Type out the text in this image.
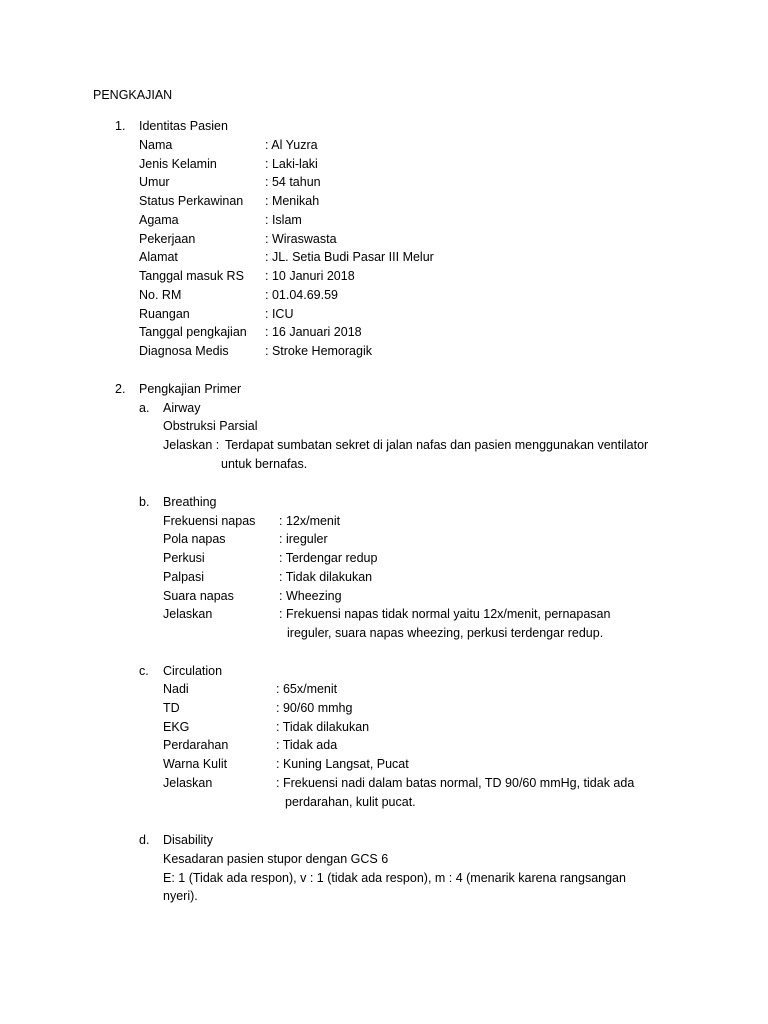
PENGKAJIAN
1. Identitas Pasien
Nama	: Al Yuzra
Jenis Kelamin	: Laki-laki
Umur	: 54 tahun
Status Perkawinan : Menikah
Agama	: Islam
Pekerjaan	: Wiraswasta
Alamat	: JL. Setia Budi Pasar III Melur
Tanggal masuk RS : 10 Januri 2018
No. RM	: 01.04.69.59
Ruangan	: ICU
Tanggal pengkajian : 16 Januari 2018
Diagnosa Medis	: Stroke Hemoragik
2. Pengkajian Primer
a. Airway
Obstruksi Parsial
Jelaskan : Terdapat sumbatan sekret di jalan nafas dan pasien menggunakan ventilator
untuk bernafas.
b. Breathing
Frekuensi napas : 12x/menit
Pola napas	: ireguler
Perkusi	: Terdengar redup
Palpasi	: Tidak dilakukan
Suara napas	: Wheezing
Jelaskan	: Frekuensi napas tidak normal yaitu 12x/menit, pernapasan
ireguler, suara napas wheezing, perkusi terdengar redup.
c. Circulation
Nadi	: 65x/menit
TD	: 90/60 mmhg
EKG	: Tidak dilakukan
Perdarahan	: Tidak ada
Warna Kulit	: Kuning Langsat, Pucat
Jelaskan	: Frekuensi nadi dalam batas normal, TD 90/60 mmHg, tidak ada
perdarahan, kulit pucat.
d. Disability
Kesadaran pasien stupor dengan GCS 6
E: 1 (Tidak ada respon), v : 1 (tidak ada respon), m : 4 (menarik karena rangsangan
nyeri).
